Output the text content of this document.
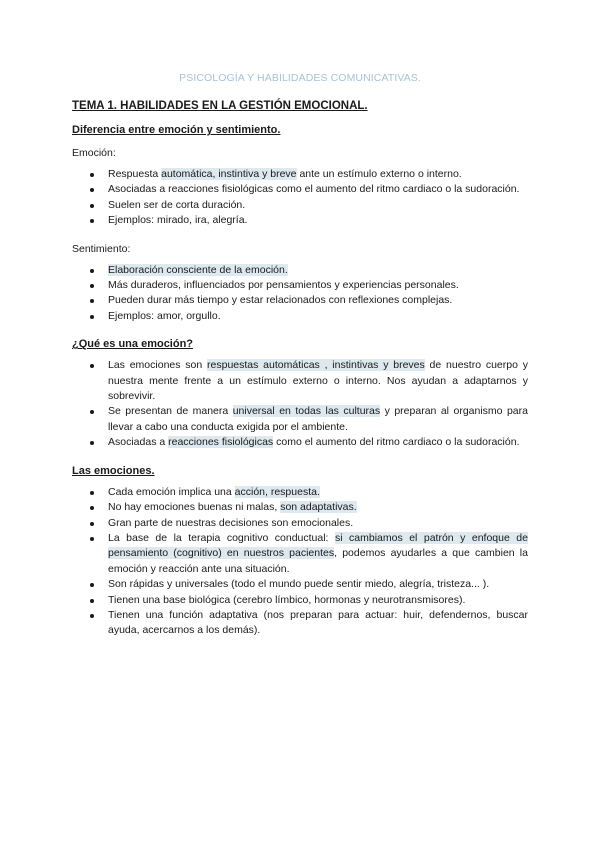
PSICOLOGÍA Y HABILIDADES COMUNICATIVAS.

TEMA 1. HABILIDADES EN LA GESTIÓN EMOCIONAL.

Diferencia entre emoción y sentimiento.

Emoción:

Respuesta automática, instintiva y breve ante un estímulo externo o interno.
Asociadas a reacciones fisiológicas como el aumento del ritmo cardiaco o la sudoración.
Suelen ser de corta duración.
Ejemplos: mirado, ira, alegría.

Sentimiento:

Elaboración consciente de la emoción.
Más duraderos, influenciados por pensamientos y experiencias personales.
Pueden durar más tiempo y estar relacionados con reflexiones complejas.
Ejemplos: amor, orgullo.

¿Qué es una emoción?

Las emociones son respuestas automáticas , instintivas y breves de nuestro cuerpo y nuestra mente frente a un estímulo externo o interno. Nos ayudan a adaptarnos y sobrevivir.
Se presentan de manera universal en todas las culturas y preparan al organismo para llevar a cabo una conducta exigida por el ambiente.
Asociadas a reacciones fisiológicas como el aumento del ritmo cardiaco o la sudoración.

Las emociones.

Cada emoción implica una acción, respuesta.
No hay emociones buenas ni malas, son adaptativas.
Gran parte de nuestras decisiones son emocionales.
La base de la terapia cognitivo conductual: si cambiamos el patrón y enfoque de pensamiento (cognitivo) en nuestros pacientes, podemos ayudarles a que cambien la emoción y reacción ante una situación.
Son rápidas y universales (todo el mundo puede sentir miedo, alegría, tristeza... ).
Tienen una base biológica (cerebro límbico, hormonas y neurotransmisores).
Tienen una función adaptativa (nos preparan para actuar: huir, defendernos, buscar ayuda, acercarnos a los demás).
